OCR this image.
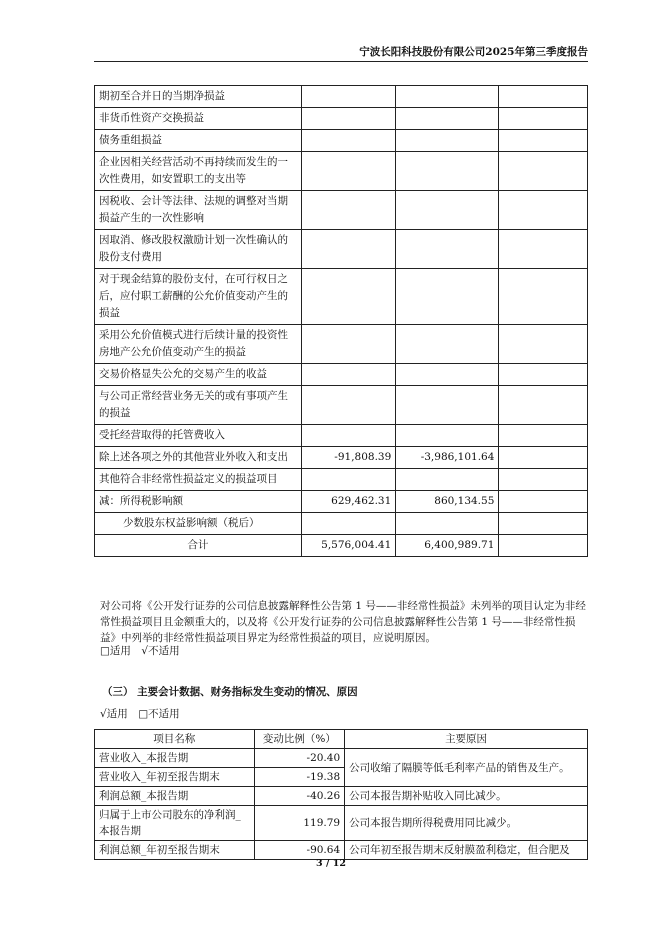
宁波长阳科技股份有限公司2025年第三季度报告
期初至合并日的当期净损益			
非货币性资产交换损益			
债务重组损益			
企业因相关经营活动不再持续而发生的一次性费用，如安置职工的支出等			
因税收、会计等法律、法规的调整对当期损益产生的一次性影响			
因取消、修改股权激励计划一次性确认的股份支付费用			
对于现金结算的股份支付，在可行权日之后，应付职工薪酬的公允价值变动产生的损益			
采用公允价值模式进行后续计量的投资性房地产公允价值变动产生的损益			
交易价格显失公允的交易产生的收益			
与公司正常经营业务无关的或有事项产生的损益			
受托经营取得的托管费收入			
除上述各项之外的其他营业外收入和支出	-91,808.39	-3,986,101.64	
其他符合非经常性损益定义的损益项目			
减：所得税影响额	629,462.31	860,134.55	
少数股东权益影响额（税后）			
合计	5,576,004.41	6,400,989.71	
对公司将《公开发行证券的公司信息披露解释性公告第 1 号——非经常性损益》未列举的项目认定为非经常性损益项目且金额重大的，以及将《公开发行证券的公司信息披露解释性公告第 1 号——非经常性损益》中列举的非经常性损益项目界定为经常性损益的项目，应说明原因。
□适用　√不适用
（三） 主要会计数据、财务指标发生变动的情况、原因
√适用　□不适用
项目名称	变动比例（%）	主要原因
营业收入_本报告期	-20.40	公司收缩了隔膜等低毛利率产品的销售及生产。
营业收入_年初至报告期末	-19.38	
利润总额_本报告期	-40.26	公司本报告期补贴收入同比减少。
归属于上市公司股东的净利润_本报告期	119.79	公司本报告期所得税费用同比减少。
利润总额_年初至报告期末	-90.64	公司年初至报告期末反射膜盈利稳定，但合肥及
3 / 12
